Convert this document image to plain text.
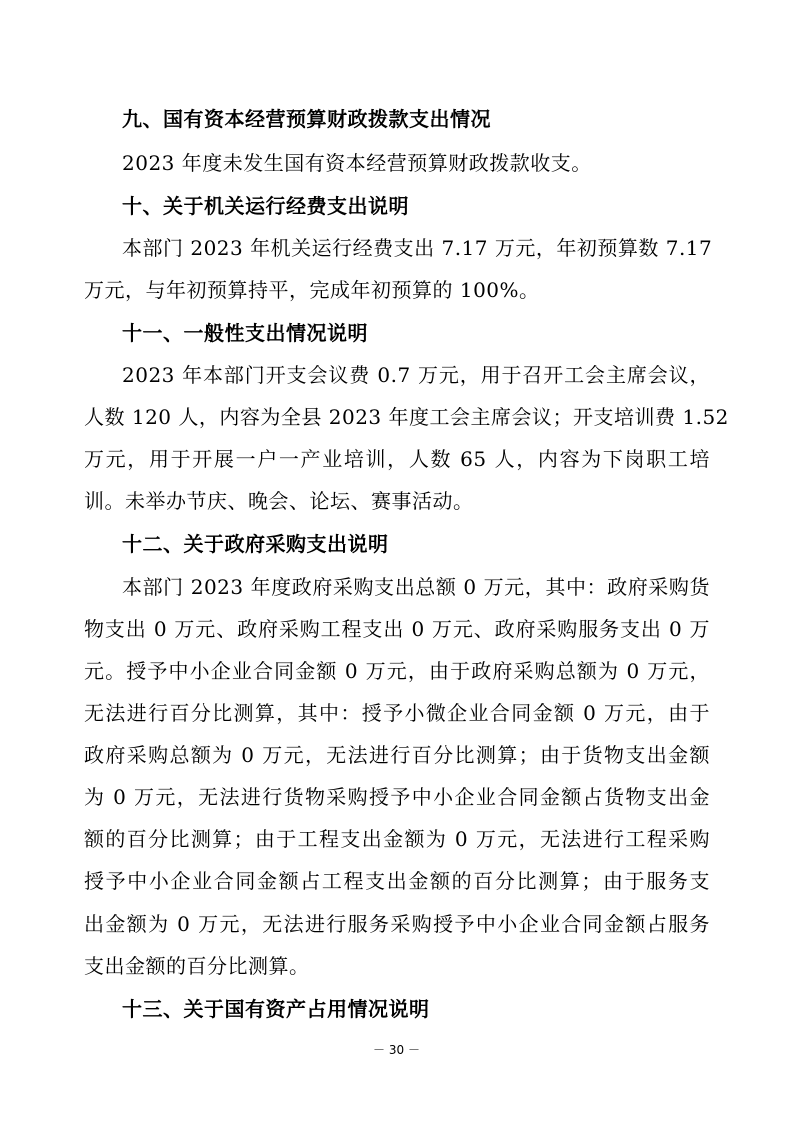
九、国有资本经营预算财政拨款支出情况
2023 年度未发生国有资本经营预算财政拨款收支。
十、关于机关运行经费支出说明
本部门 2023 年机关运行经费支出 7.17 万元，年初预算数 7.17
万元，与年初预算持平，完成年初预算的 100%。
十一、一般性支出情况说明
2023 年本部门开支会议费 0.7 万元，用于召开工会主席会议，
人数 120 人，内容为全县 2023 年度工会主席会议；开支培训费 1.52
万元，用于开展一户一产业培训，人数 65 人，内容为下岗职工培
训。未举办节庆、晚会、论坛、赛事活动。
十二、关于政府采购支出说明
本部门 2023 年度政府采购支出总额 0 万元，其中：政府采购货
物支出 0 万元、政府采购工程支出 0 万元、政府采购服务支出 0 万
元。授予中小企业合同金额 0 万元，由于政府采购总额为 0 万元，
无法进行百分比测算，其中：授予小微企业合同金额 0 万元，由于
政府采购总额为 0 万元，无法进行百分比测算；由于货物支出金额
为 0 万元，无法进行货物采购授予中小企业合同金额占货物支出金
额的百分比测算；由于工程支出金额为 0 万元，无法进行工程采购
授予中小企业合同金额占工程支出金额的百分比测算；由于服务支
出金额为 0 万元，无法进行服务采购授予中小企业合同金额占服务
支出金额的百分比测算。
十三、关于国有资产占用情况说明
－ 30 －
